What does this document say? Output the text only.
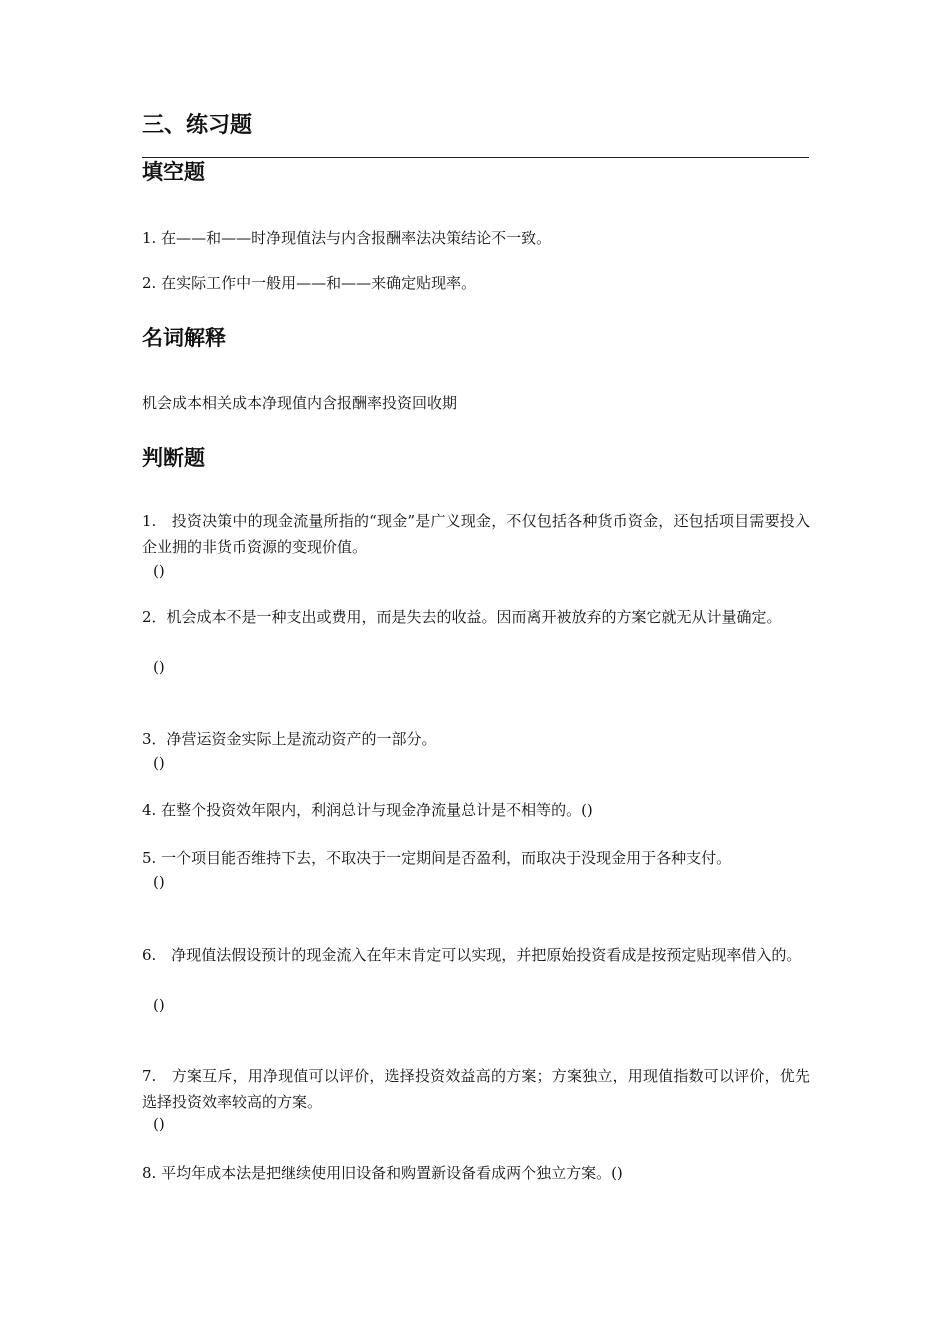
三、练习题
填空题

1. 在——和——时净现值法与内含报酬率法决策结论不一致。

2. 在实际工作中一般用——和——来确定贴现率。

名词解释

机会成本相关成本净现值内含报酬率投资回收期

判断题

1.　投资决策中的现金流量所指的“现金”是广义现金，不仅包括各种货币资金，还包括项目需要投入企业拥的非货币资源的变现价值。

()

2．机会成本不是一种支出或费用，而是失去的收益。因而离开被放弃的方案它就无从计量确定。

()

3．净营运资金实际上是流动资产的一部分。

()

4. 在整个投资效年限内，利润总计与现金净流量总计是不相等的。()

5. 一个项目能否维持下去，不取决于一定期间是否盈利，而取决于没现金用于各种支付。

()

6.　净现值法假设预计的现金流入在年末肯定可以实现，并把原始投资看成是按预定贴现率借入的。

()

7.　方案互斥，用净现值可以评价，选择投资效益高的方案；方案独立，用现值指数可以评价，优先选择投资效率较高的方案。

()

8. 平均年成本法是把继续使用旧设备和购置新设备看成两个独立方案。()
